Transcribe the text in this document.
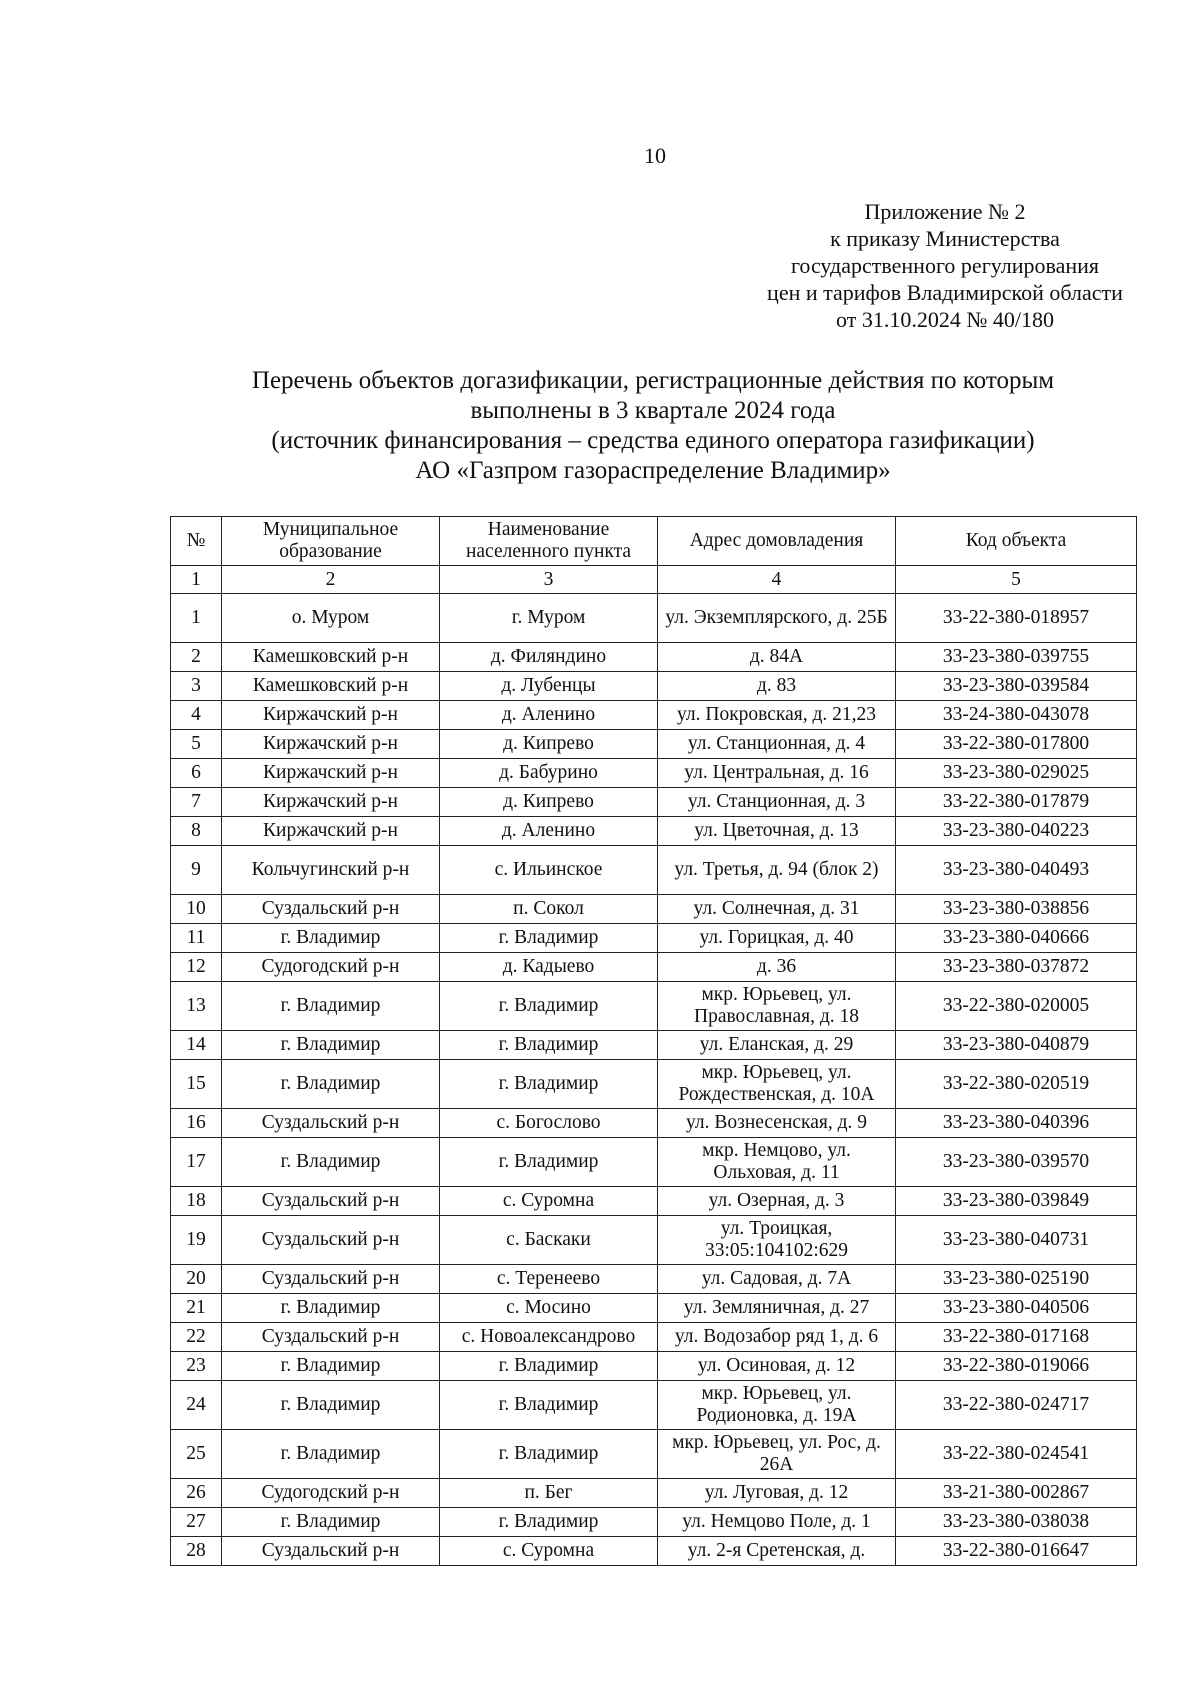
10
Приложение № 2
к приказу Министерства
государственного регулирования
цен и тарифов Владимирской области
от 31.10.2024 № 40/180
Перечень объектов догазификации, регистрационные действия по которым
выполнены в 3 квартале 2024 года
(источник финансирования – средства единого оператора газификации)
АО «Газпром газораспределение Владимир»
№	Муниципальное образование	Наименование населенного пункта	Адрес домовладения	Код объекта
1	2	3	4	5
1	о. Муром	г. Муром	ул. Экземплярского, д. 25Б	33-22-380-018957
2	Камешковский р-н	д. Филяндино	д. 84А	33-23-380-039755
3	Камешковский р-н	д. Лубенцы	д. 83	33-23-380-039584
4	Киржачский р-н	д. Аленино	ул. Покровская, д. 21,23	33-24-380-043078
5	Киржачский р-н	д. Кипрево	ул. Станционная, д. 4	33-22-380-017800
6	Киржачский р-н	д. Бабурино	ул. Центральная, д. 16	33-23-380-029025
7	Киржачский р-н	д. Кипрево	ул. Станционная, д. 3	33-22-380-017879
8	Киржачский р-н	д. Аленино	ул. Цветочная, д. 13	33-23-380-040223
9	Кольчугинский р-н	с. Ильинское	ул. Третья, д. 94 (блок 2)	33-23-380-040493
10	Суздальский р-н	п. Сокол	ул. Солнечная, д. 31	33-23-380-038856
11	г. Владимир	г. Владимир	ул. Горицкая, д. 40	33-23-380-040666
12	Судогодский р-н	д. Кадыево	д. 36	33-23-380-037872
13	г. Владимир	г. Владимир	мкр. Юрьевец, ул. Православная, д. 18	33-22-380-020005
14	г. Владимир	г. Владимир	ул. Еланская, д. 29	33-23-380-040879
15	г. Владимир	г. Владимир	мкр. Юрьевец, ул. Рождественская, д. 10А	33-22-380-020519
16	Суздальский р-н	с. Богослово	ул. Вознесенская, д. 9	33-23-380-040396
17	г. Владимир	г. Владимир	мкр. Немцово, ул. Ольховая, д. 11	33-23-380-039570
18	Суздальский р-н	с. Суромна	ул. Озерная, д. 3	33-23-380-039849
19	Суздальский р-н	с. Баскаки	ул. Троицкая, 33:05:104102:629	33-23-380-040731
20	Суздальский р-н	с. Теренеево	ул. Садовая, д. 7А	33-23-380-025190
21	г. Владимир	с. Мосино	ул. Земляничная, д. 27	33-23-380-040506
22	Суздальский р-н	с. Новоалександрово	ул. Водозабор ряд 1, д. 6	33-22-380-017168
23	г. Владимир	г. Владимир	ул. Осиновая, д. 12	33-22-380-019066
24	г. Владимир	г. Владимир	мкр. Юрьевец, ул. Родионовка, д. 19А	33-22-380-024717
25	г. Владимир	г. Владимир	мкр. Юрьевец, ул. Рос, д. 26А	33-22-380-024541
26	Судогодский р-н	п. Бег	ул. Луговая, д. 12	33-21-380-002867
27	г. Владимир	г. Владимир	ул. Немцово Поле, д. 1	33-23-380-038038
28	Суздальский р-н	с. Суромна	ул. 2-я Сретенская, д.	33-22-380-016647
